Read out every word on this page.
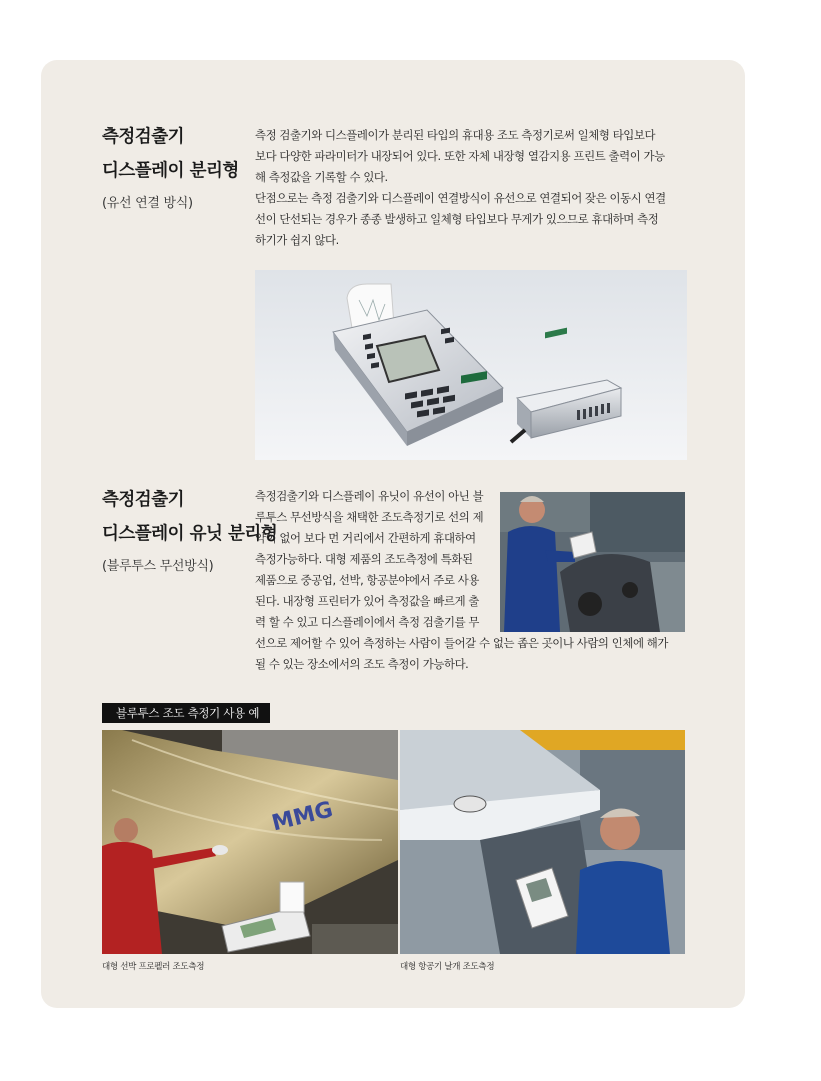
측정검출기
디스플레이 분리형
(유선 연결 방식)
측정 검출기와 디스플레이가 분리된 타입의 휴대용 조도 측정기로써 일체형 타입보다
보다 다양한 파라미터가 내장되어 있다. 또한 자체 내장형 열감지용 프린트 출력이 가능
해 측정값을 기록할 수 있다.
단점으로는 측정 검출기와 디스플레이 연결방식이 유선으로 연결되어 잦은 이동시 연결
선이 단선되는 경우가 종종 발생하고 일체형 타입보다 무게가 있으므로 휴대하며 측정
하기가 쉽지 않다.
측정검출기
디스플레이 유닛 분리형
(블루투스 무선방식)
측정검출기와 디스플레이 유닛이 유선이 아닌 블
루투스 무선방식을 채택한 조도측정기로 선의 제
약이 없어 보다 먼 거리에서 간편하게 휴대하여
측정가능하다. 대형 제품의 조도측정에 특화된
제품으로 중공업, 선박, 항공분야에서 주로 사용
된다. 내장형 프린터가 있어 측정값을 빠르게 출
력 할 수 있고 디스플레이에서 측정 검출기를 무
선으로 제어할 수 있어 측정하는 사람이 들어갈 수 없는 좁은 곳이나 사람의 인체에 해가
될 수 있는 장소에서의 조도 측정이 가능하다.
블루투스 조도 측정기 사용 예
MMG
대형 선박 프로펠러 조도측정	대형 항공기 날개 조도측정
